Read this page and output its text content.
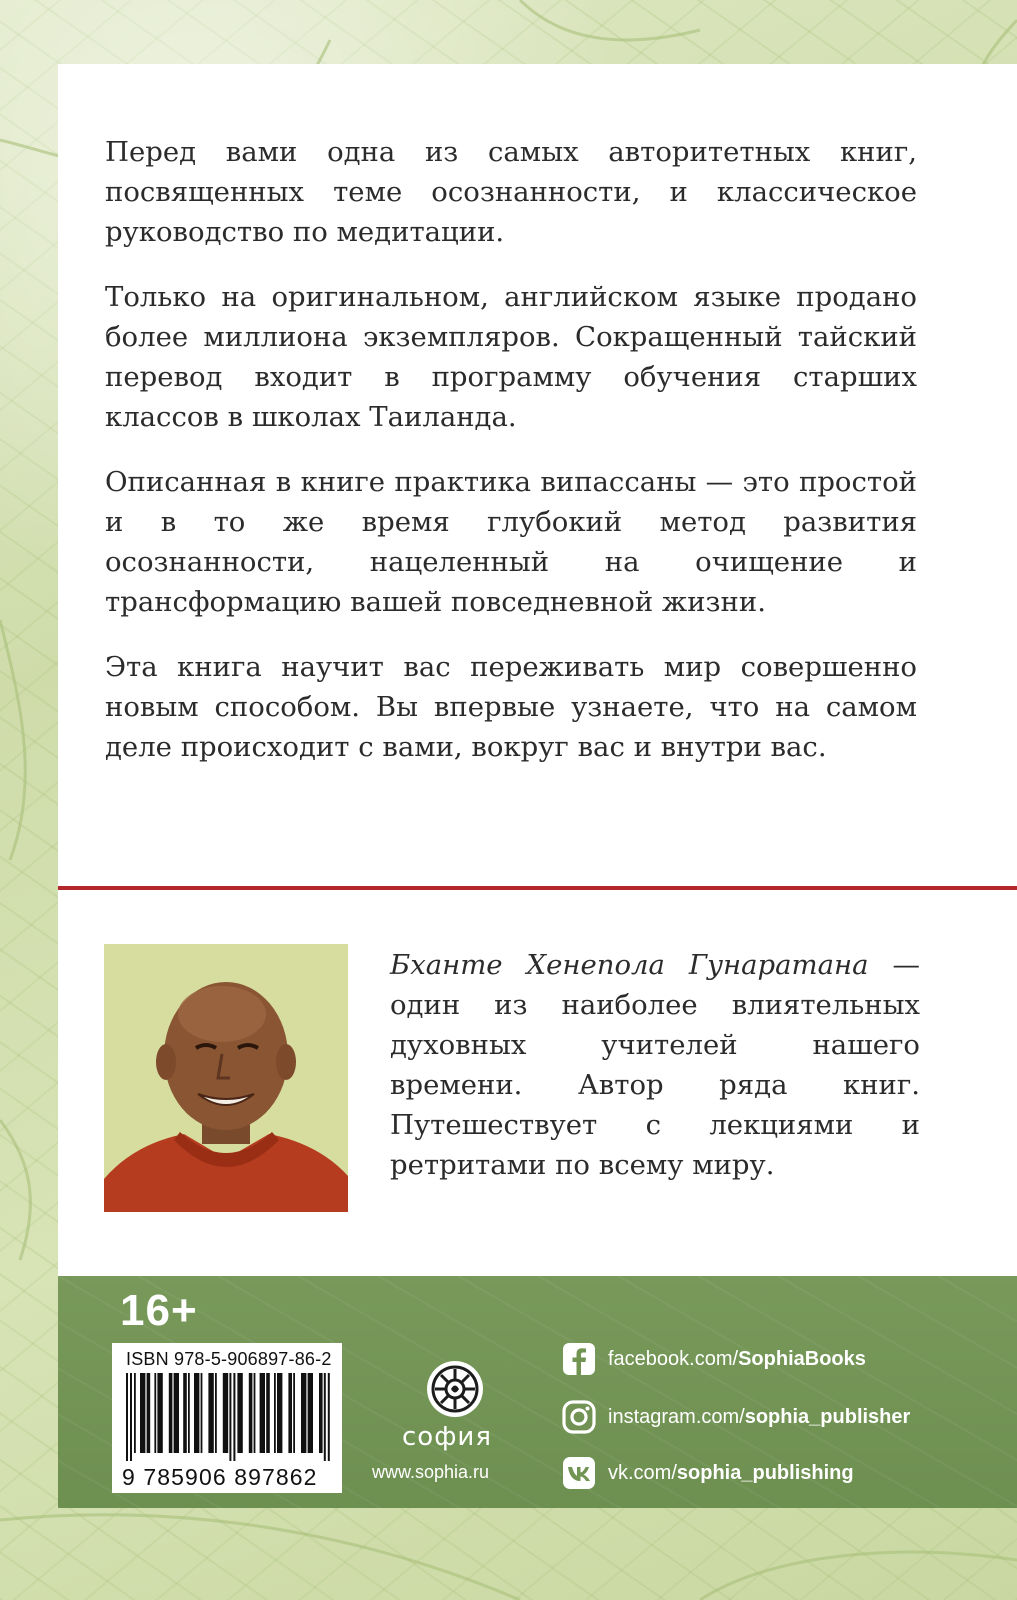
Перед вами одна из самых авторитетных книг, посвященных теме осознанности, и классическое руководство по медитации.

Только на оригинальном, английском языке продано более миллиона экземпляров. Сокращенный тайский перевод входит в программу обучения старших классов в школах Таиланда.

Описанная в книге практика випассаны — это простой и в то же время глубокий метод развития осознанности, нацеленный на очищение и трансформацию вашей повседневной жизни.

Эта книга научит вас переживать мир совершенно новым способом. Вы впервые узнаете, что на самом деле происходит с вами, вокруг вас и внутри вас.

Бханте Хенепола Гунаратана — один из наиболее влиятельных духовных учителей нашего времени. Автор ряда книг. Путешествует с лекциями и ретритами по всему миру.
16+
ISBN 978-5-906897-86-2
9 785906 897862
софия
www.sophia.ru
facebook.com/ SophiaBooks
instagram.com/ sophia_publisher
vk.com/ sophia_publishing
